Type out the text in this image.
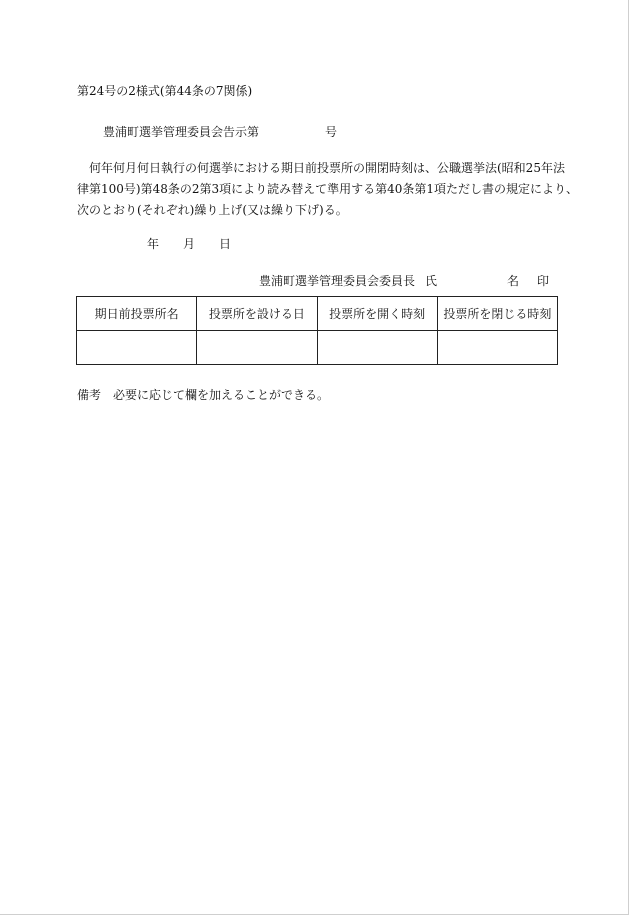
第24号の2様式(第44条の7関係)
豊浦町選挙管理委員会告示第	号
何年何月何日執行の何選挙における期日前投票所の開閉時刻は、公職選挙法(昭和25年法
律第100号)第48条の2第3項により読み替えて準用する第40条第1項ただし書の規定により、
次のとおり(それぞれ)繰り上げ(又は繰り下げ)る。
年 月 日
豊浦町選挙管理委員会委員長 氏	名 印
期日前投票所名	投票所を設ける日	投票所を開く時刻	投票所を閉じる時刻

備考 必要に応じて欄を加えることができる。
